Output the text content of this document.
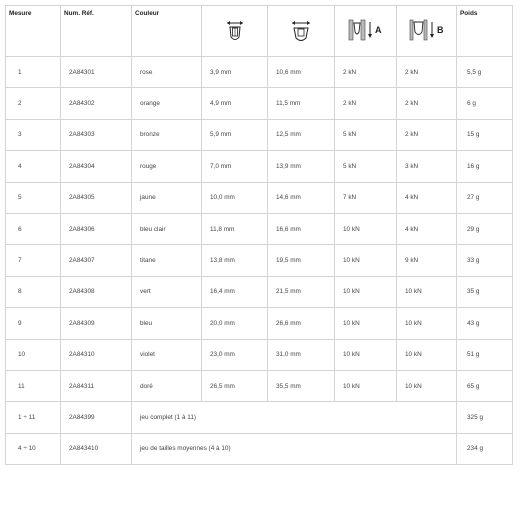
Mesure	Num. Réf.	Couleur			A	B	Poids
1	2A84301	rose	3,9 mm	10,6 mm	2 kN	2 kN	5,5 g
2	2A84302	orange	4,9 mm	11,5 mm	2 kN	2 kN	6 g
3	2A84303	bronze	5,9 mm	12,5 mm	5 kN	2 kN	15 g
4	2A84304	rouge	7,0 mm	13,9 mm	5 kN	3 kN	16 g
5	2A84305	jaune	10,0 mm	14,6 mm	7 kN	4 kN	27 g
6	2A84306	bleu clair	11,8 mm	16,6 mm	10 kN	4 kN	29 g
7	2A84307	titane	13,8 mm	19,5 mm	10 kN	9 kN	33 g
8	2A84308	vert	16,4 mm	21,5 mm	10 kN	10 kN	35 g
9	2A84309	bleu	20,0 mm	26,6 mm	10 kN	10 kN	43 g
10	2A84310	violet	23,0 mm	31,0 mm	10 kN	10 kN	51 g
11	2A84311	doré	26,5 mm	35,5 mm	10 kN	10 kN	65 g
1 ÷ 11	2A84399	jeu complet (1 à 11)					325 g
4 ÷ 10	2A843410	jeu de tailles moyennes (4 à 10)					234 g
